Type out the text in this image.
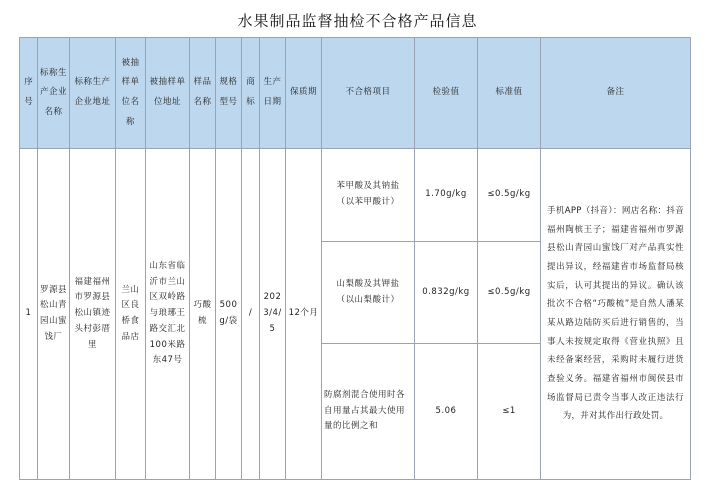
水果制品监督抽检不合格产品信息
序号	标称生产企业名称	标称生产企业地址	被抽样单位名称	被抽样单位地址	样品名称	规格型号	商标	生产日期	保质期	不合格项目	检验值	标准值	备注
1	罗源县松山青园山蜜饯厂	福建福州市罗源县松山镇迹头村彭厝里	兰山区良桥食品店	山东省临沂市兰山区双岭路与琅琊王路交汇北100米路东47号	巧酸梳	500g/袋	/	2023/4/5	12个月	苯甲酸及其钠盐
（以苯甲酸计）	1.70g/kg	≤0.5g/kg	手机APP（抖音）：网店名称：抖音福州陶槟王子；福建省福州市罗源县松山青园山蜜饯厂对产品真实性提出异议，经福建省市场监督局核实后，认可其提出的异议。确认该批次不合格“巧酸梳”是自然人潘某某从路边陆防买后进行销售的，当事人未按规定取得《营业执照》且未经备案经营，采购时未履行进货查验义务。福建省福州市闽侯县市场监督局已责令当事人改正违法行为，并对其作出行政处罚。

										山梨酸及其钾盐
（以山梨酸计）	0.832g/kg	≤0.5g/kg	

										防腐剂混合使用时各自用量占其最大使用量的比例之和	5.06	≤1	
